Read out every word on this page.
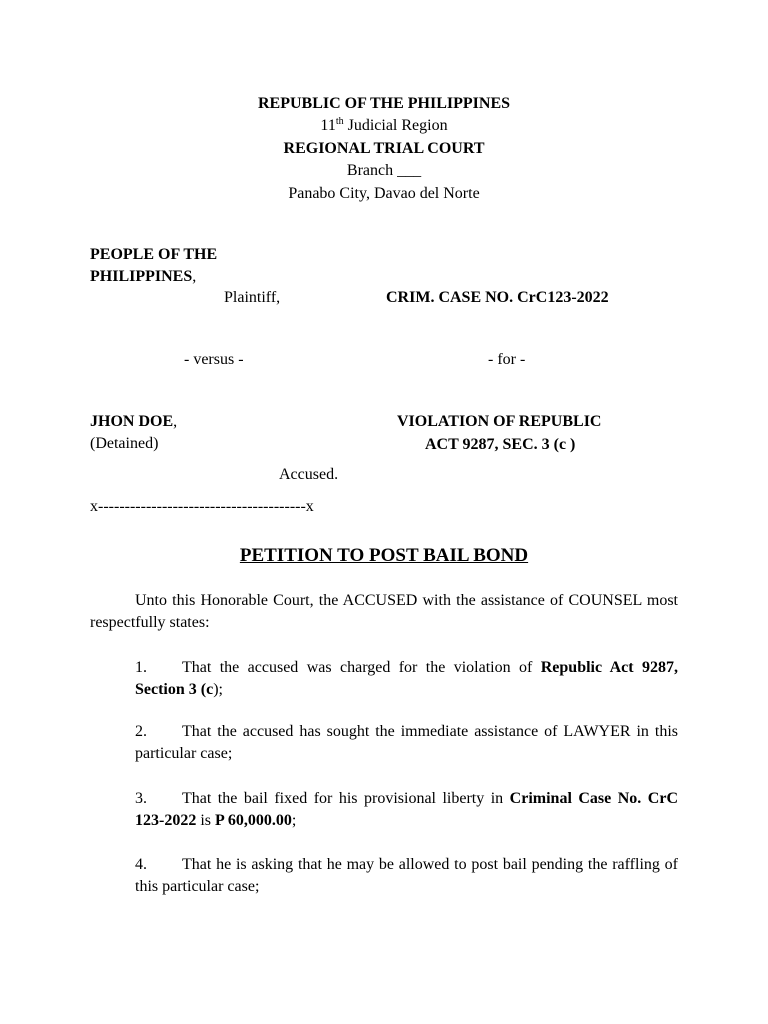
REPUBLIC OF THE PHILIPPINES
11th Judicial Region
REGIONAL TRIAL COURT
Branch ___
Panabo City, Davao del Norte
PEOPLE OF THE
PHILIPPINES,
Plaintiff,	CRIM. CASE NO. CrC123-2022
- versus -	- for -
JHON DOE,
(Detained)
VIOLATION OF REPUBLIC
ACT 9287, SEC. 3 (c )
Accused.
x---------------------------------------x
PETITION TO POST BAIL BOND
Unto this Honorable Court, the ACCUSED with the assistance of COUNSEL most respectfully states:
1. That the accused was charged for the violation of Republic Act 9287, Section 3 (c);
2. That the accused has sought the immediate assistance of LAWYER in this particular case;
3. That the bail fixed for his provisional liberty in Criminal Case No. CrC 123-2022 is P 60,000.00;
4. That he is asking that he may be allowed to post bail pending the raffling of this particular case;
